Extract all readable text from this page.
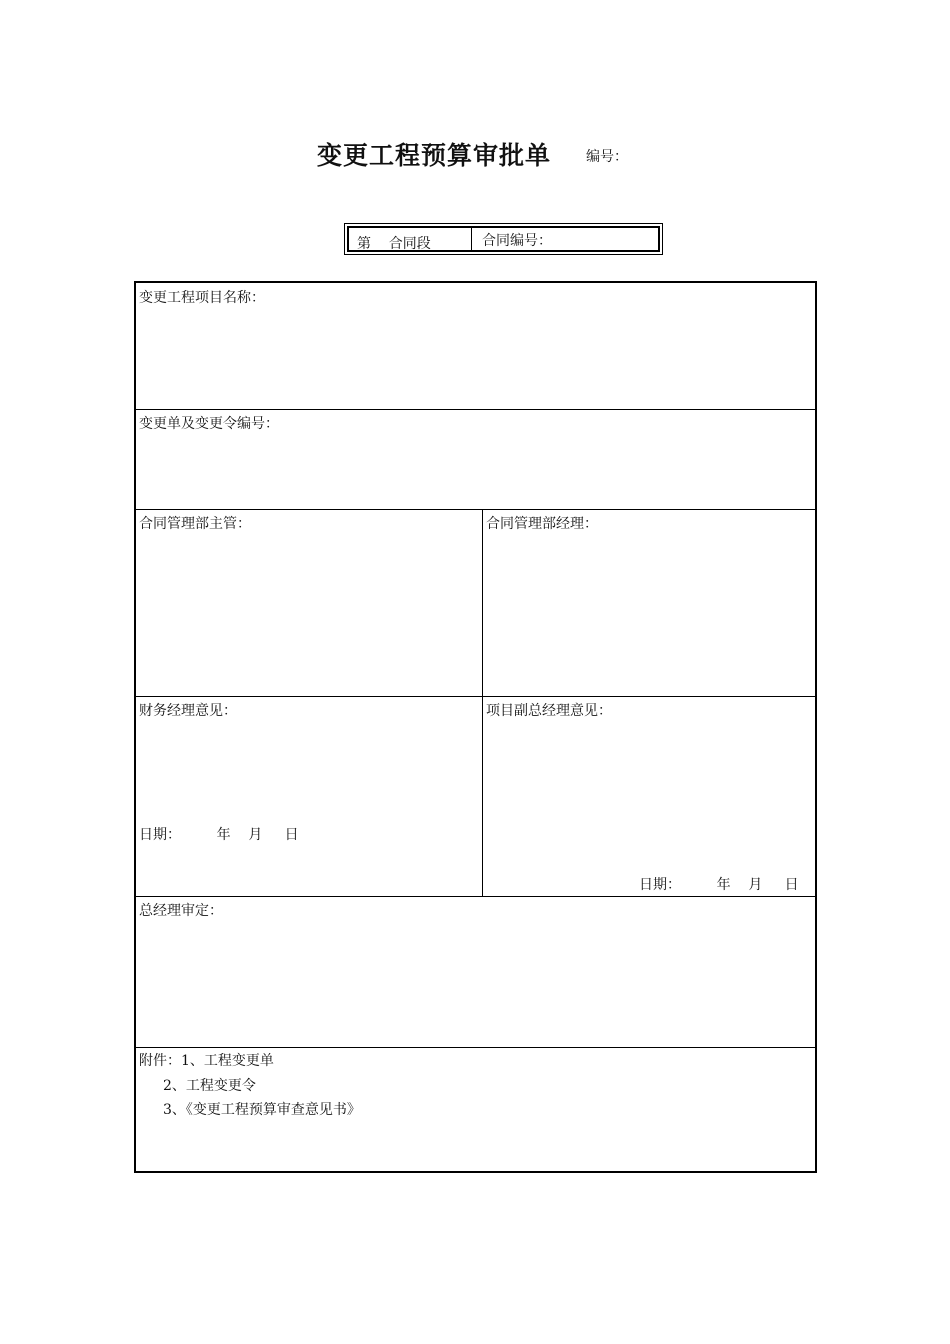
变更工程预算审批单 编号：
第    合同段	合同编号：
变更工程项目名称：
变更单及变更令编号：
合同管理部主管：	合同管理部经理：
财务经理意见：
日期：        年    月     日
项目副总经理意见：
日期：        年    月     日
总经理审定：
附件：1、工程变更单
2、工程变更令
3、《变更工程预算审查意见书》
